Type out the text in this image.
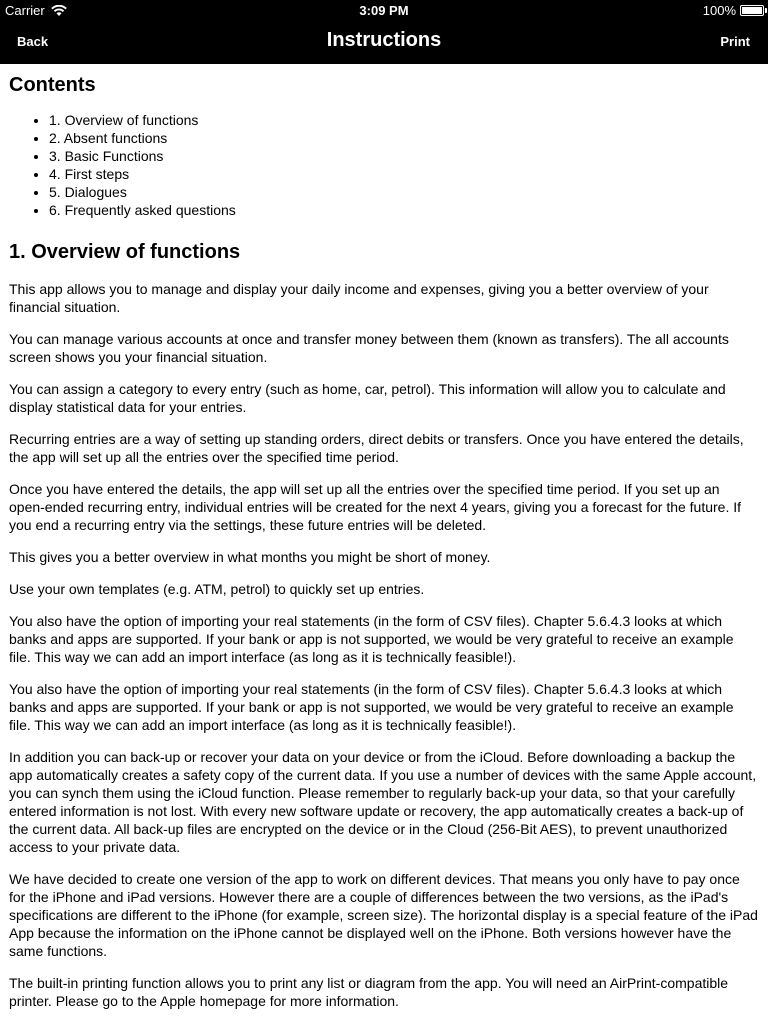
Carrier	3:09 PM	100%
Back	Instructions	Print
Contents
• 1. Overview of functions
• 2. Absent functions
• 3. Basic Functions
• 4. First steps
• 5. Dialogues
• 6. Frequently asked questions
1. Overview of functions

This app allows you to manage and display your daily income and expenses, giving you a better overview of your financial situation.

You can manage various accounts at once and transfer money between them (known as transfers). The all accounts screen shows you your financial situation.

You can assign a category to every entry (such as home, car, petrol). This information will allow you to calculate and display statistical data for your entries.

Recurring entries are a way of setting up standing orders, direct debits or transfers. Once you have entered the details, the app will set up all the entries over the specified time period.

Once you have entered the details, the app will set up all the entries over the specified time period. If you set up an open-ended recurring entry, individual entries will be created for the next 4 years, giving you a forecast for the future. If you end a recurring entry via the settings, these future entries will be deleted.

This gives you a better overview in what months you might be short of money.

Use your own templates (e.g. ATM, petrol) to quickly set up entries.

You also have the option of importing your real statements (in the form of CSV files). Chapter 5.6.4.3 looks at which banks and apps are supported. If your bank or app is not supported, we would be very grateful to receive an example file. This way we can add an import interface (as long as it is technically feasible!).

You also have the option of importing your real statements (in the form of CSV files). Chapter 5.6.4.3 looks at which banks and apps are supported. If your bank or app is not supported, we would be very grateful to receive an example file. This way we can add an import interface (as long as it is technically feasible!).

In addition you can back-up or recover your data on your device or from the iCloud. Before downloading a backup the app automatically creates a safety copy of the current data. If you use a number of devices with the same Apple account, you can synch them using the iCloud function. Please remember to regularly back-up your data, so that your carefully entered information is not lost. With every new software update or recovery, the app automatically creates a back-up of the current data. All back-up files are encrypted on the device or in the Cloud (256-Bit AES), to prevent unauthorized access to your private data.

We have decided to create one version of the app to work on different devices. That means you only have to pay once for the iPhone and iPad versions. However there are a couple of differences between the two versions, as the iPad's specifications are different to the iPhone (for example, screen size). The horizontal display is a special feature of the iPad App because the information on the iPhone cannot be displayed well on the iPhone. Both versions however have the same functions.

The built-in printing function allows you to print any list or diagram from the app. You will need an AirPrint-compatible printer. Please go to the Apple homepage for more information.
